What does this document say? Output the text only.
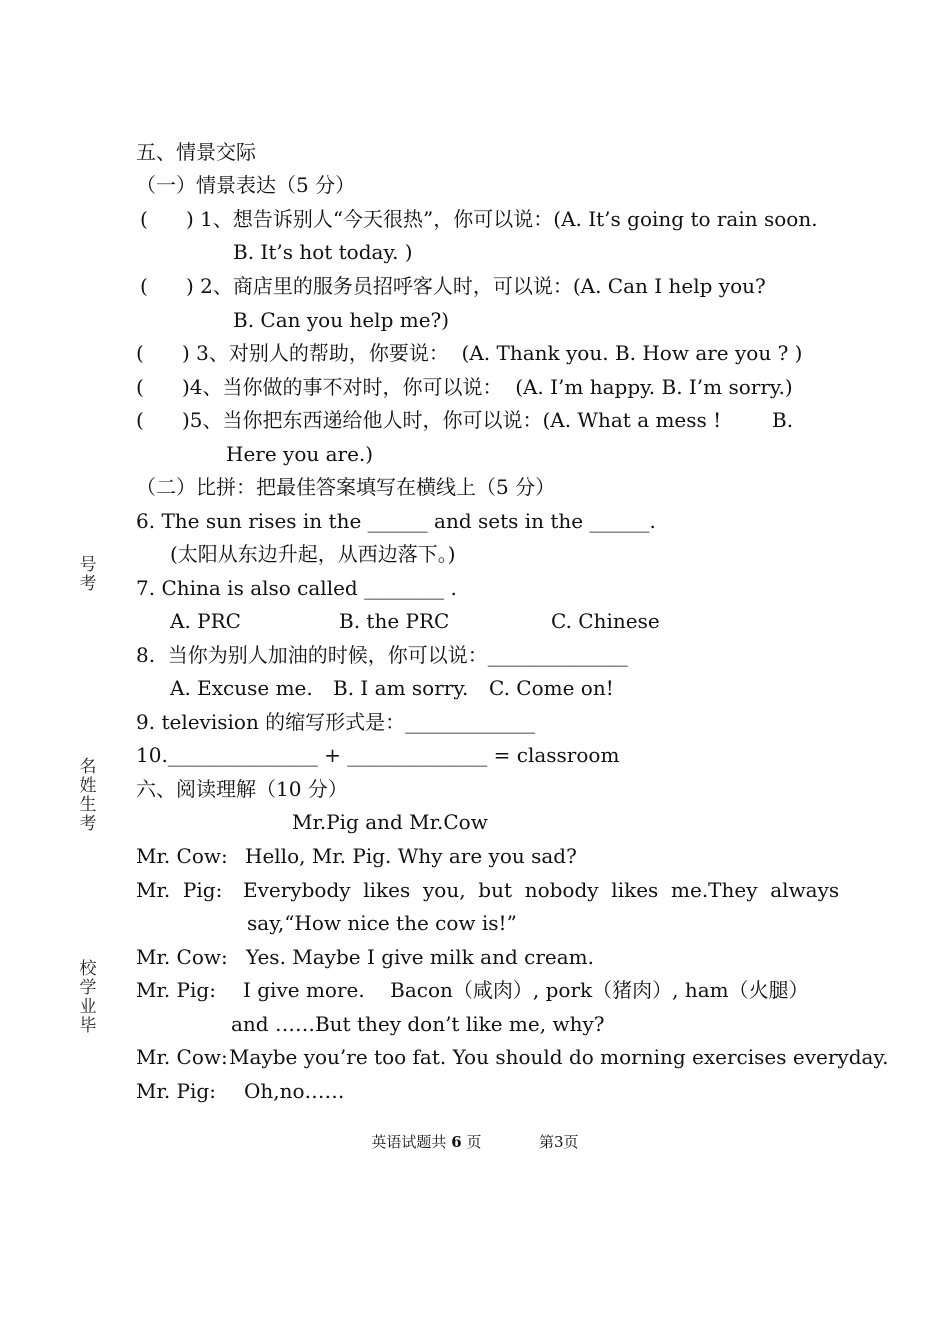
号
考
名
姓
生
考
校
学
业
毕
五、情景交际
（一）情景表达（5 分）
(      ) 1、想告诉别人“今天很热”，你可以说：(A. It’s going to rain soon.
B. It’s hot today. )
(      ) 2、商店里的服务员招呼客人时，可以说：(A. Can I help you?
B. Can you help me?)
(      ) 3、对别人的帮助，你要说：  (A. Thank you. B. How are you ? )
(      )4、当你做的事不对时，你可以说：  (A. I’m happy. B. I’m sorry.)
(      )5、当你把东西递给他人时，你可以说：(A. What a mess !        B.
Here you are.)
（二）比拼：把最佳答案填写在横线上（5 分）
6. The sun rises in the ______ and sets in the ______.
(太阳从东边升起，从西边落下。)
7. China is also called ________ .
A. PRC	B. the PRC	C. Chinese
8.  当你为别人加油的时候，你可以说：______________
A. Excuse me. B. I am sorry. C. Come on!
9. television 的缩写形式是：_____________
10._______________ + ______________ = classroom
六、阅读理解（10 分）
Mr.Pig and Mr.Cow
Mr. Cow: Hello, Mr. Pig. Why are you sad?
Mr.  Pig: Everybody  likes  you,  but  nobody  likes  me.They  always
say,“How nice the cow is!”
Mr. Cow: Yes. Maybe I give milk and cream.
Mr. Pig: I give more.    Bacon（咸肉）, pork（猪肉）, ham（火腿）
and ……But they don’t like me, why?
Mr. Cow: Maybe you’re too fat. You should do morning exercises everyday.
Mr. Pig: Oh,no……
英语试题共 6 页	第3页
